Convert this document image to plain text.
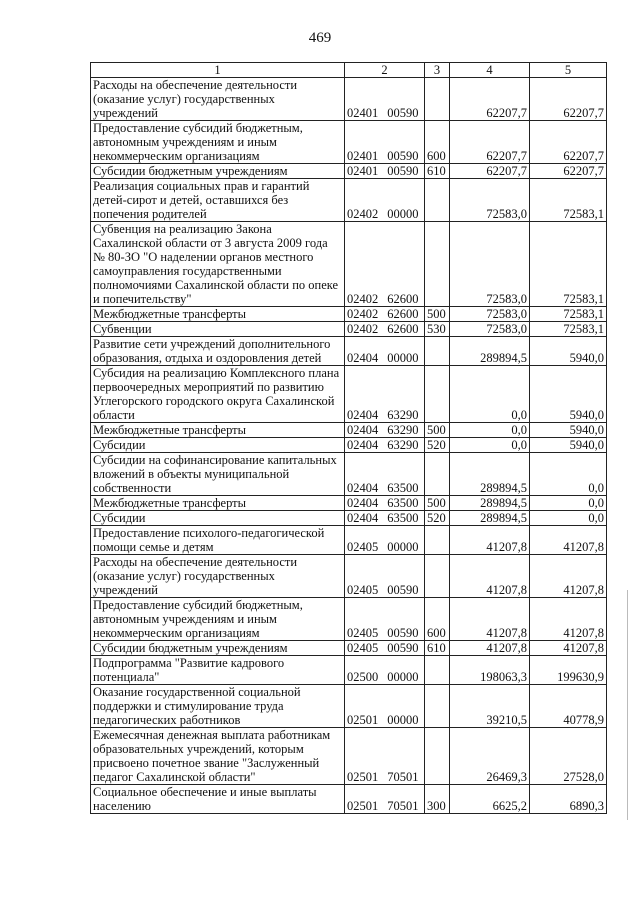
469
1	2	3	4	5
Расходы на обеспечение деятельности (оказание услуг) государственных учреждений	02401 00590		62207,7	62207,7
Предоставление субсидий бюджетным, автономным учреждениям и иным некоммерческим организациям	02401 00590	600	62207,7	62207,7
Субсидии бюджетным учреждениям	02401 00590	610	62207,7	62207,7
Реализация социальных прав и гарантий детей-сирот и детей, оставшихся без попечения родителей	02402 00000		72583,0	72583,1
Субвенция на реализацию Закона Сахалинской области от 3 августа 2009 года № 80-ЗО "О наделении органов местного самоуправления государственными полномочиями Сахалинской области по опеке и попечительству"	02402 62600		72583,0	72583,1
Межбюджетные трансферты	02402 62600	500	72583,0	72583,1
Субвенции	02402 62600	530	72583,0	72583,1
Развитие сети учреждений дополнительного образования, отдыха и оздоровления детей	02404 00000		289894,5	5940,0
Субсидия на реализацию Комплексного плана первоочередных мероприятий по развитию Углегорского городского округа Сахалинской области	02404 63290		0,0	5940,0
Межбюджетные трансферты	02404 63290	500	0,0	5940,0
Субсидии	02404 63290	520	0,0	5940,0
Субсидии на софинансирование капитальных вложений в объекты муниципальной собственности	02404 63500		289894,5	0,0
Межбюджетные трансферты	02404 63500	500	289894,5	0,0
Субсидии	02404 63500	520	289894,5	0,0
Предоставление психолого-педагогической помощи семье и детям	02405 00000		41207,8	41207,8
Расходы на обеспечение деятельности (оказание услуг) государственных учреждений	02405 00590		41207,8	41207,8
Предоставление субсидий бюджетным, автономным учреждениям и иным некоммерческим организациям	02405 00590	600	41207,8	41207,8
Субсидии бюджетным учреждениям	02405 00590	610	41207,8	41207,8
Подпрограмма "Развитие кадрового потенциала"	02500 00000		198063,3	199630,9
Оказание государственной социальной поддержки и стимулирование труда педагогических работников	02501 00000		39210,5	40778,9
Ежемесячная денежная выплата работникам образовательных учреждений, которым присвоено почетное звание "Заслуженный педагог Сахалинской области"	02501 70501		26469,3	27528,0
Социальное обеспечение и иные выплаты населению	02501 70501	300	6625,2	6890,3
